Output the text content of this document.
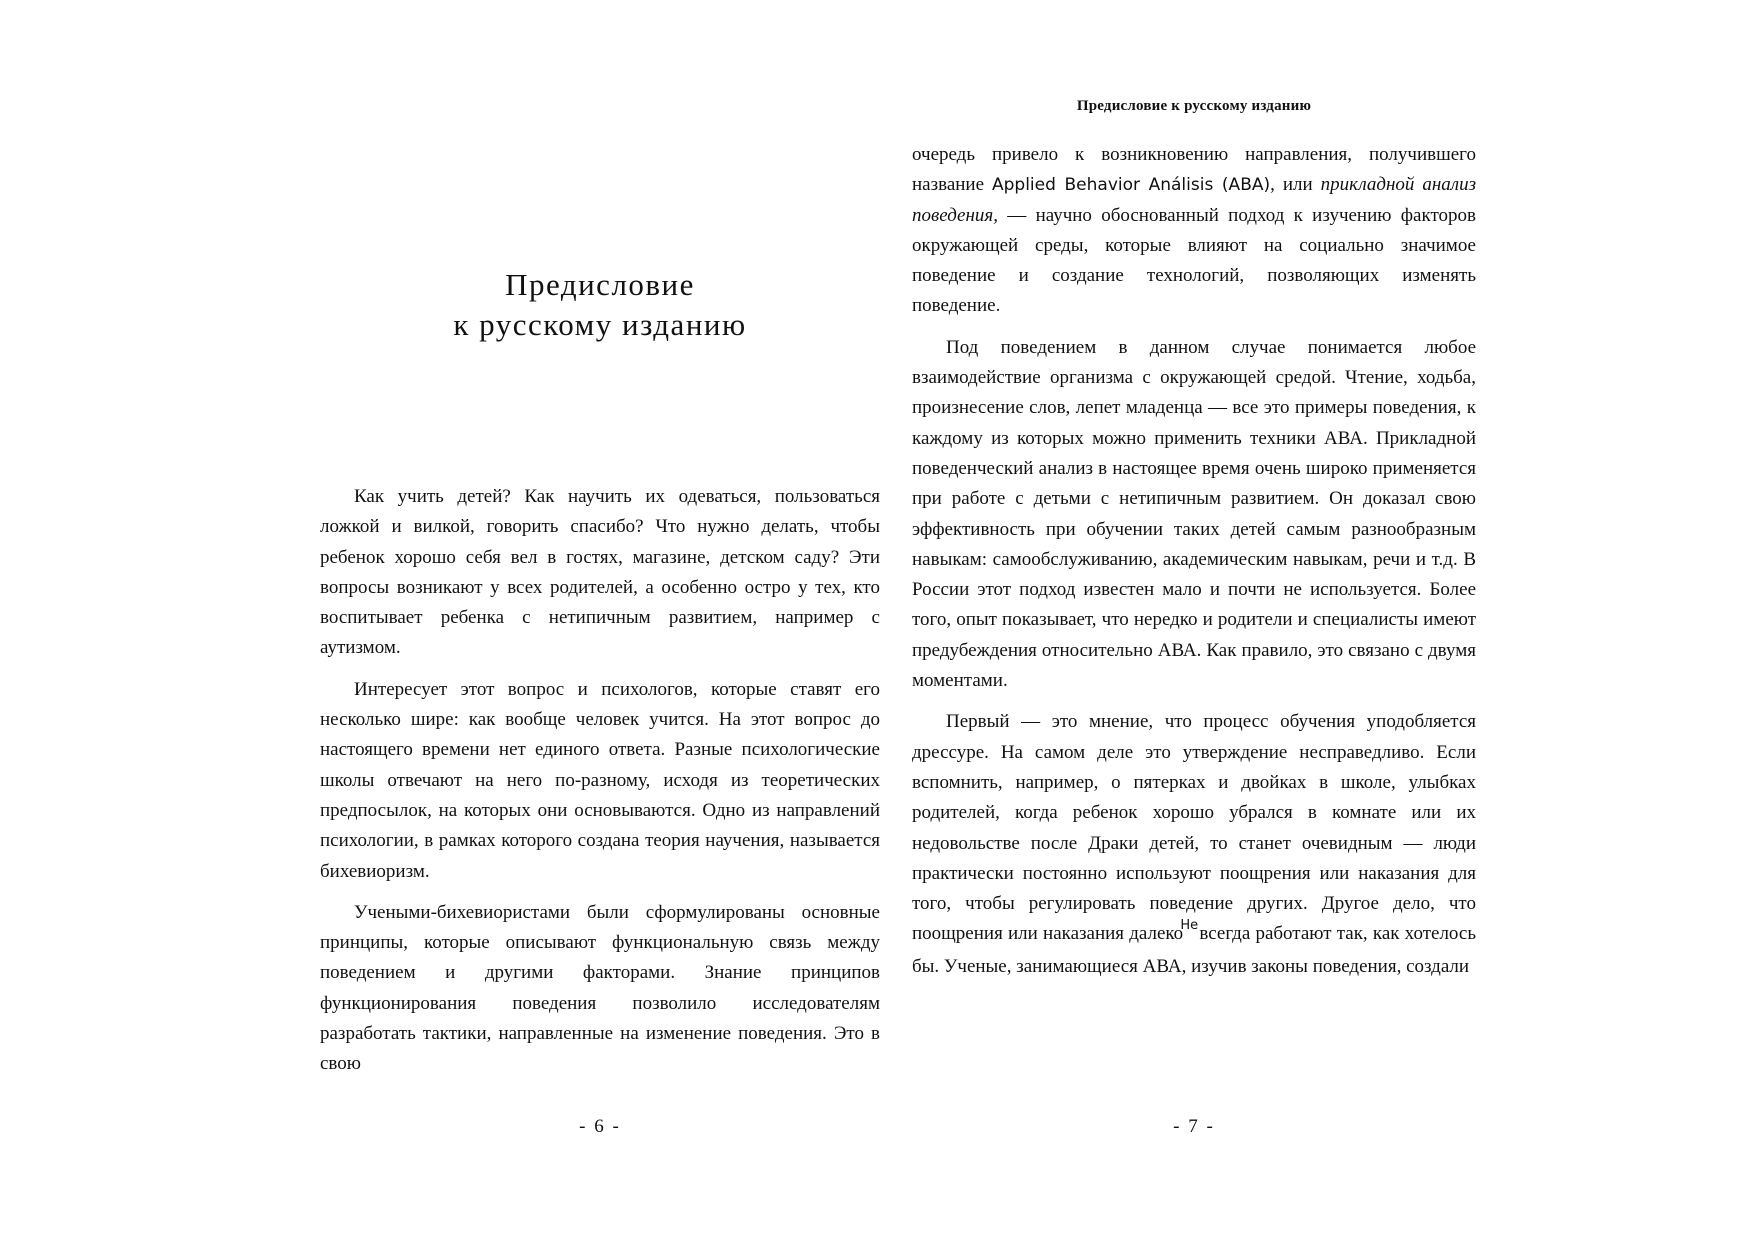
Предисловие
к русскому изданию

Как учить детей? Как научить их одеваться, пользоваться ложкой и вилкой, говорить спасибо? Что нужно делать, чтобы ребенок хорошо себя вел в гостях, магазине, детском саду? Эти вопросы возникают у всех родителей, а особенно остро у тех, кто воспитывает ребенка с нетипичным развитием, например с аутизмом.

Интересует этот вопрос и психологов, которые ставят его несколько шире: как вообще человек учится. На этот вопрос до настоящего времени нет единого ответа. Разные психологические школы отвечают на него по-разному, исходя из теоретических предпосылок, на которых они основываются. Одно из направлений психологии, в рамках которого создана теория научения, называется бихевиоризм.

Учеными-бихевиористами были сформулированы основные принципы, которые описывают функциональную связь между поведением и другими факторами. Знание принципов функционирования поведения позволило исследователям разработать тактики, направленные на изменение поведения. Это в свою

- 6 -
Предисловие к русскому изданию

очередь привело к возникновению направления, получившего название Applied Behavior Análisis (ABA), или прикладной анализ поведения, — научно обоснованный подход к изучению факторов окружающей среды, которые влияют на социально значимое поведение и создание технологий, позволяющих изменять поведение.

Под поведением в данном случае понимается любое взаимодействие организма с окружающей средой. Чтение, ходьба, произнесение слов, лепет младенца — все это примеры поведения, к каждому из которых можно применить техники АВА. Прикладной поведенческий анализ в настоящее время очень широко применяется при работе с детьми с нетипичным развитием. Он доказал свою эффективность при обучении таких детей самым разнообразным навыкам: самообслуживанию, академическим навыкам, речи и т.д. В России этот подход известен мало и почти не используется. Более того, опыт показывает, что нередко и родители и специалисты имеют предубеждения относительно АВА. Как правило, это связано с двумя моментами.

Первый — это мнение, что процесс обучения уподобляется дрессуре. На самом деле это утверждение несправедливо. Если вспомнить, например, о пятерках и двойках в школе, улыбках родителей, когда ребенок хорошо убрался в комнате или их недовольстве после Драки детей, то станет очевидным — люди практически постоянно используют поощрения или наказания для того, чтобы регулировать поведение других. Другое дело, что поощрения или наказания далеко $^{Не}$ всегда работают так, как хотелось бы. Ученые, занимающиеся АВА, изучив законы поведения, создали

- 7 -
